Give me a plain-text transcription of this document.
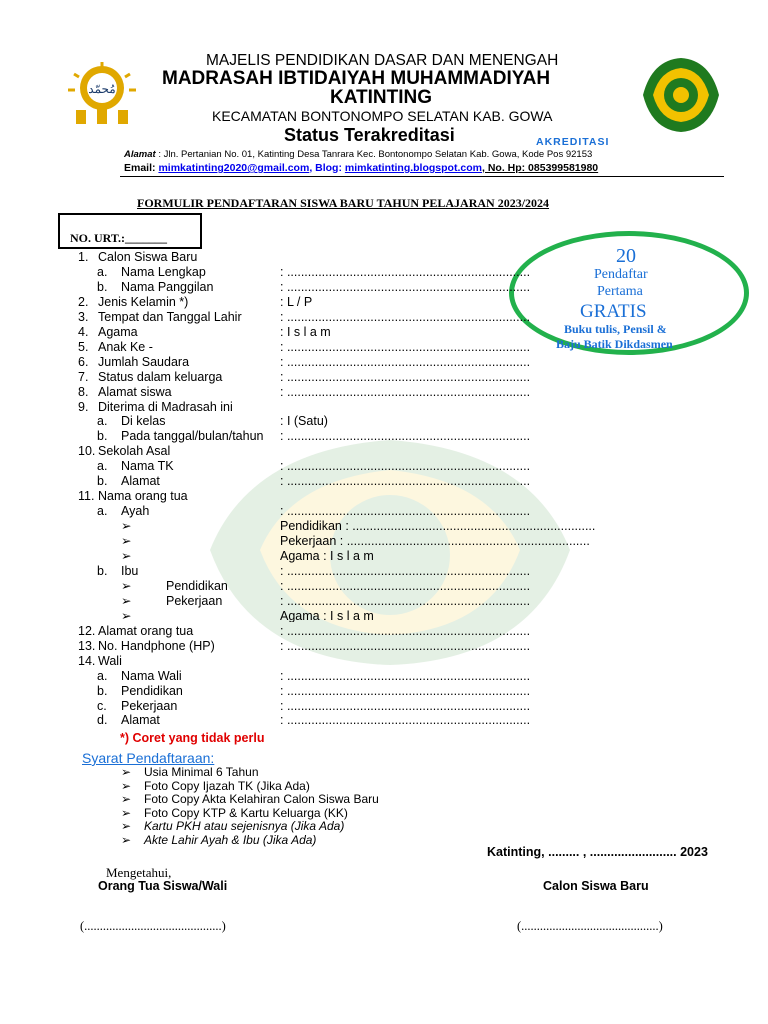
مُحمّد
MAJELIS PENDIDIKAN DASAR DAN MENENGAH
MADRASAH IBTIDAIYAH MUHAMMADIYAH
KATINTING
KECAMATAN BONTONOMPO SELATAN KAB. GOWA
Status Terakreditasi	AKREDITASI
Alamat : Jln. Pertanian No. 01, Katinting Desa Tanrara Kec. Bontonompo Selatan Kab. Gowa, Kode Pos 92153
Email: mimkatinting2020@gmail.com, Blog: mimkatinting.blogspot.com, No. Hp: 085399581980
FORMULIR PENDAFTARAN SISWA BARU TAHUN PELAJARAN 2023/2024
NO. URT.:_______
20
Pendaftar
Pertama
GRATIS
Buku tulis, Pensil &
Baju Batik Dikdasmen
1. Calon Siswa Baru
a. Nama Lengkap	: ......................................................................
b. Nama Panggilan	: ......................................................................
2. Jenis Kelamin *)	: L / P
3. Tempat dan Tanggal Lahir	: ......................................................................
4. Agama	: I s l a m
5. Anak Ke -	: ......................................................................
6. Jumlah Saudara	: ......................................................................
7. Status dalam keluarga	: ......................................................................
8. Alamat siswa	: ......................................................................
9. Diterima di Madrasah ini
a. Di kelas	: I (Satu)
b. Pada tanggal/bulan/tahun : ......................................................................
10. Sekolah Asal
a. Nama TK	: ......................................................................
b. Alamat	: ......................................................................
11. Nama orang tua
a. Ayah	: ......................................................................
➢	Pendidikan : ......................................................................
➢	Pekerjaan : ......................................................................
➢	Agama : I s l a m
b. Ibu	: ......................................................................
➢	Pendidikan	: ......................................................................
➢	Pekerjaan	: ......................................................................
➢	Agama : I s l a m
12. Alamat orang tua	: ......................................................................
13. No. Handphone (HP)	: ......................................................................
14. Wali
a. Nama Wali	: ......................................................................
b. Pendidikan	: ......................................................................
c. Pekerjaan	: ......................................................................
d. Alamat	: ......................................................................
*) Coret yang tidak perlu
Syarat Pendaftaraan:
➢ Usia Minimal 6 Tahun
➢ Foto Copy Ijazah TK (Jika Ada)
➢ Foto Copy Akta Kelahiran Calon Siswa Baru
➢ Foto Copy KTP & Kartu Keluarga (KK)
➢ Kartu PKH atau sejenisnya (Jika Ada)
➢ Akte Lahir Ayah & Ibu (Jika Ada)
Katinting, ......... , ......................... 2023
Mengetahui,
Orang Tua Siswa/Wali	Calon Siswa Baru
(............................................)	(............................................)
